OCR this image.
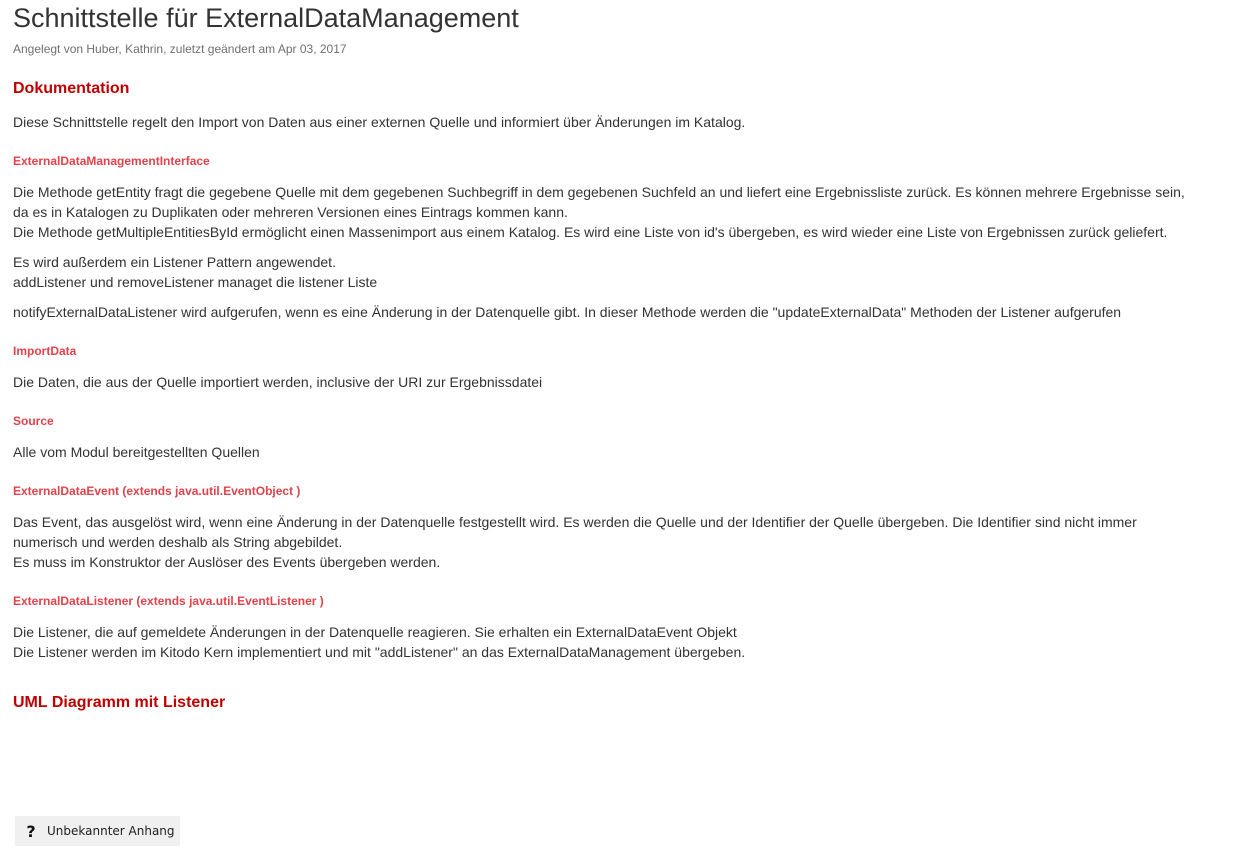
Schnittstelle für ExternalDataManagement
Angelegt von Huber, Kathrin, zuletzt geändert am Apr 03, 2017
Dokumentation

Diese Schnittstelle regelt den Import von Daten aus einer externen Quelle und informiert über Änderungen im Katalog.

ExternalDataManagementInterface
Die Methode getEntity fragt die gegebene Quelle mit dem gegebenen Suchbegriff in dem gegebenen Suchfeld an und liefert eine Ergebnissliste zurück. Es können mehrere Ergebnisse sein,
da es in Katalogen zu Duplikaten oder mehreren Versionen eines Eintrags kommen kann.
Die Methode getMultipleEntitiesById ermöglicht einen Massenimport aus einem Katalog. Es wird eine Liste von id's übergeben, es wird wieder eine Liste von Ergebnissen zurück geliefert.
Es wird außerdem ein Listener Pattern angewendet.
addListener und removeListener managet die listener Liste

notifyExternalDataListener wird aufgerufen, wenn es eine Änderung in der Datenquelle gibt. In dieser Methode werden die "updateExternalData" Methoden der Listener aufgerufen

ImportData

Die Daten, die aus der Quelle importiert werden, inclusive der URI zur Ergebnissdatei

Source

Alle vom Modul bereitgestellten Quellen

ExternalDataEvent (extends java.util.EventObject )
Das Event, das ausgelöst wird, wenn eine Änderung in der Datenquelle festgestellt wird. Es werden die Quelle und der Identifier der Quelle übergeben. Die Identifier sind nicht immer
numerisch und werden deshalb als String abgebildet.
Es muss im Konstruktor der Auslöser des Events übergeben werden.
ExternalDataListener (extends java.util.EventListener )
Die Listener, die auf gemeldete Änderungen in der Datenquelle reagieren. Sie erhalten ein ExternalDataEvent Objekt
Die Listener werden im Kitodo Kern implementiert und mit "addListener" an das ExternalDataManagement übergeben.
UML Diagramm mit Listener
? Unbekannter Anhang
